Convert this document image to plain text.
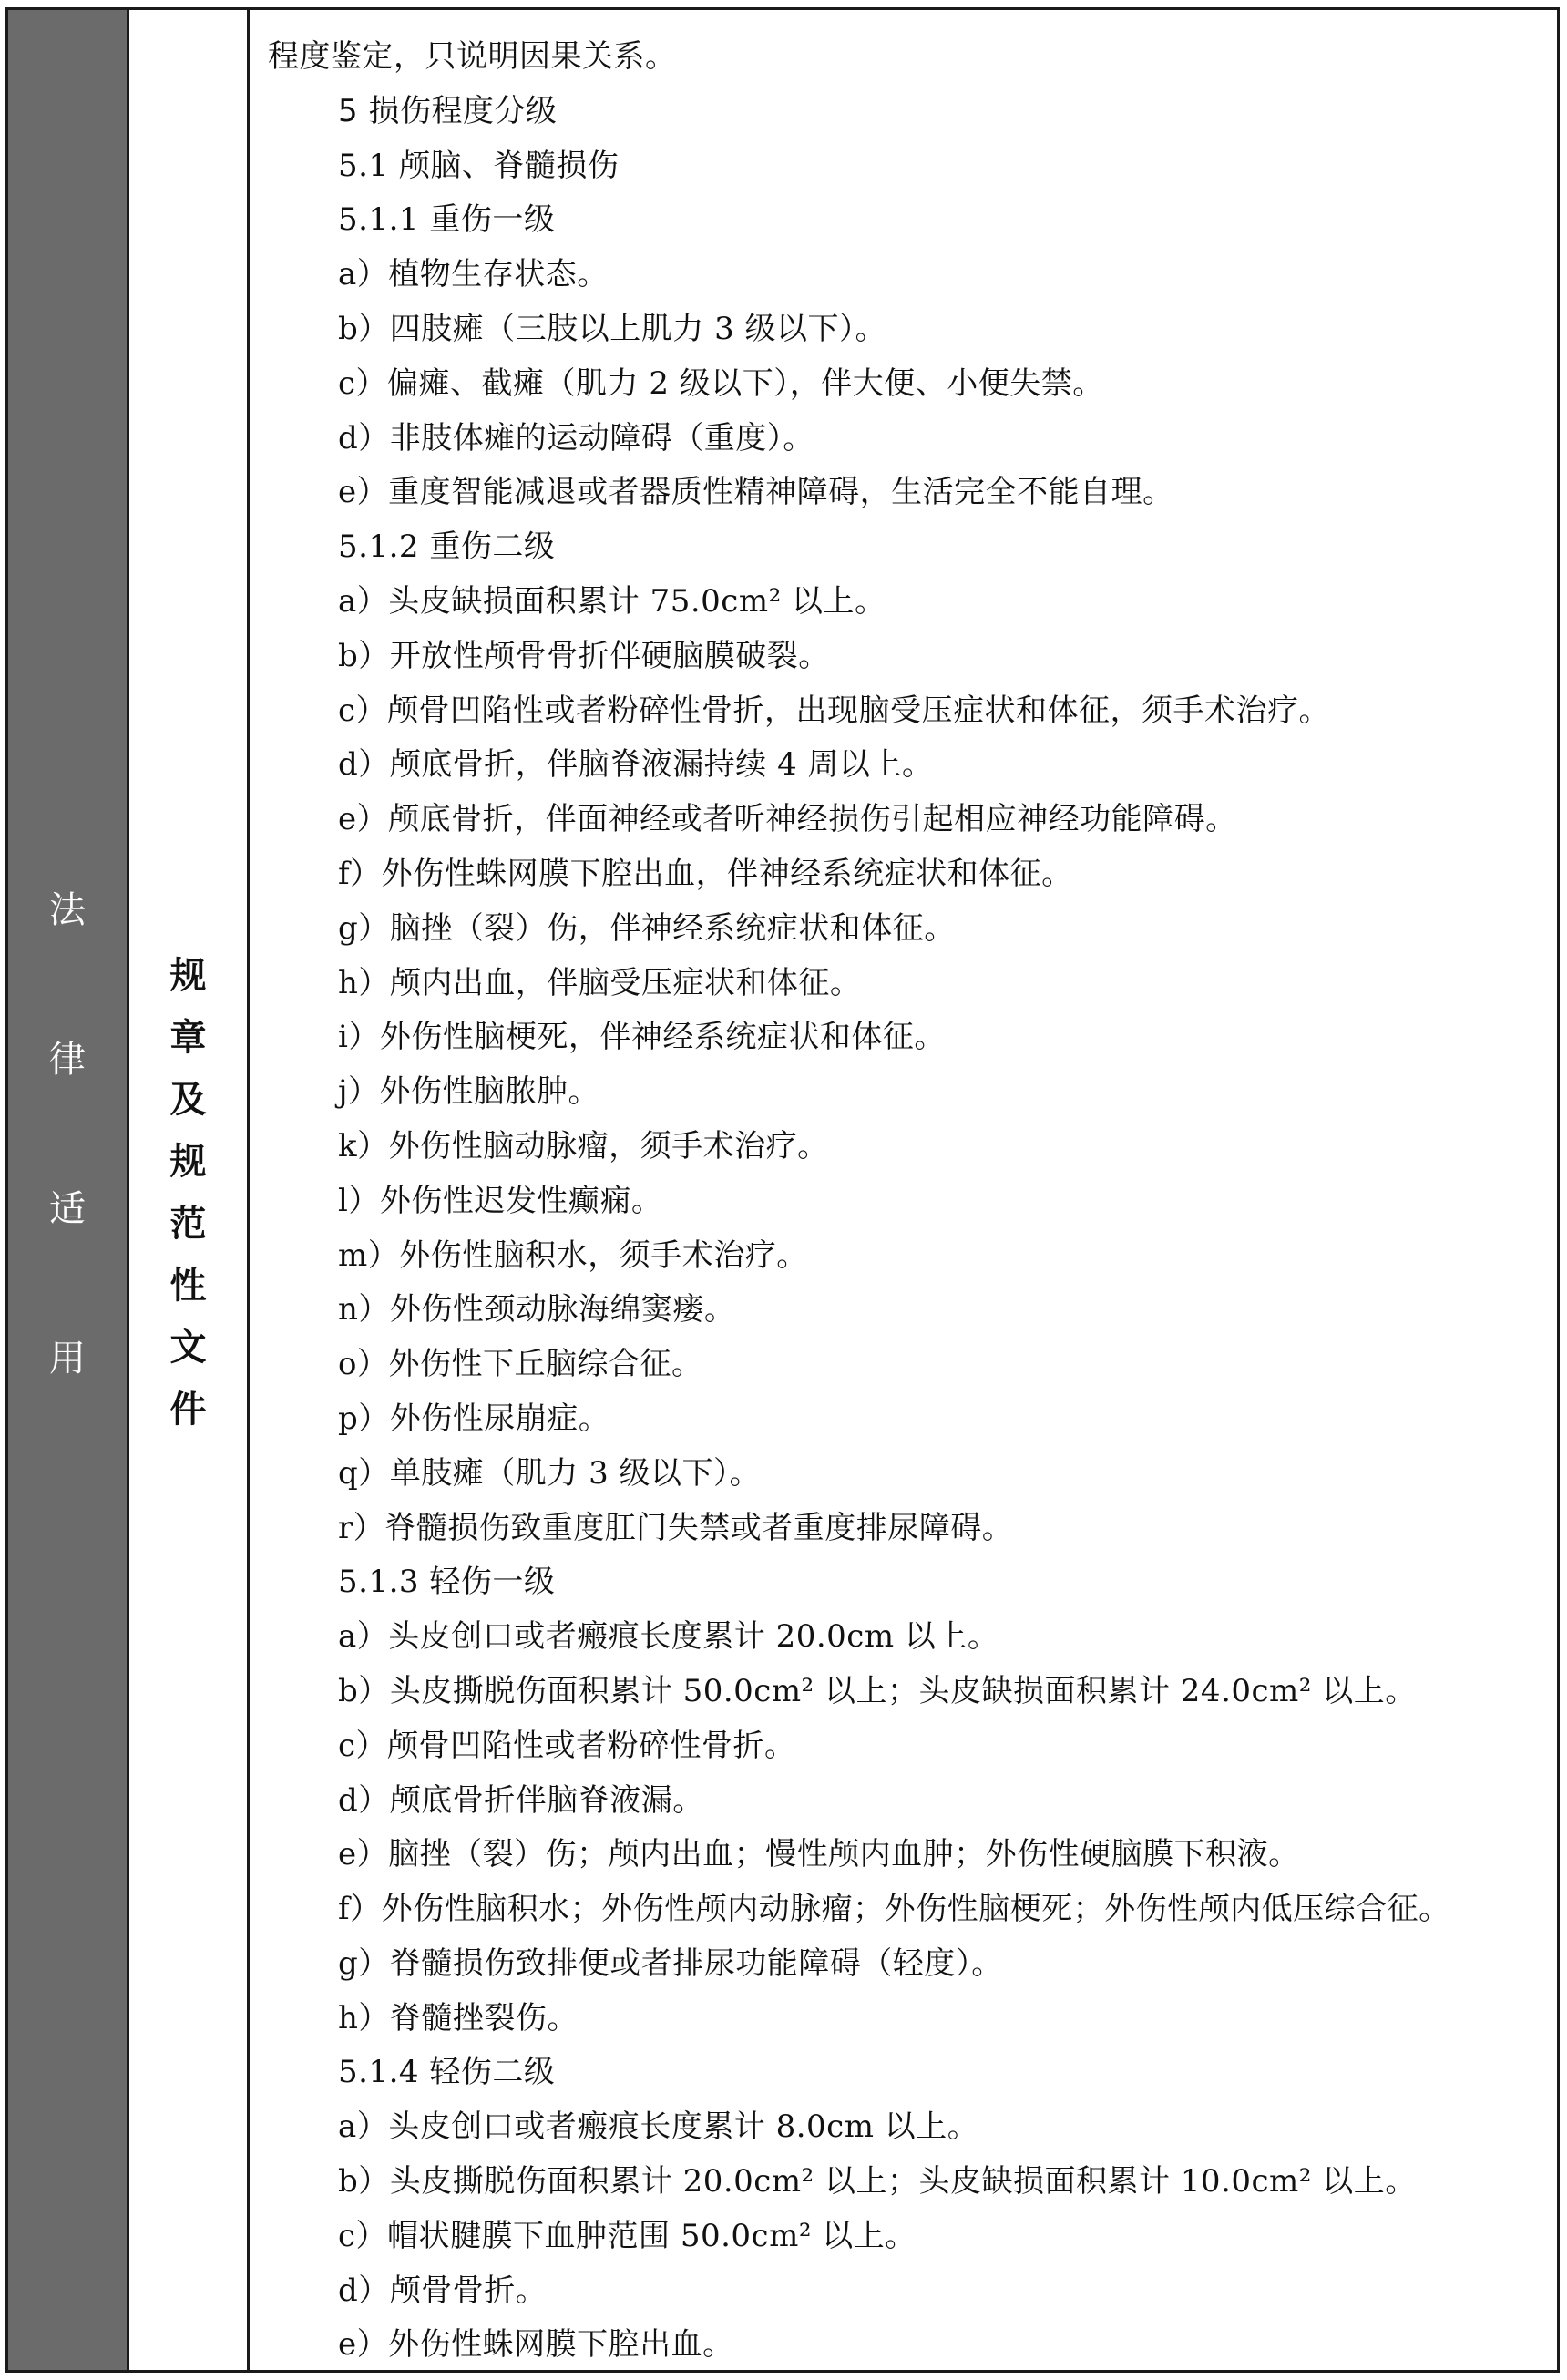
法
律
适
用
规
章
及
规
范
性
文
件
程度鉴定，只说明因果关系。
5 损伤程度分级
5.1 颅脑、脊髓损伤
5.1.1 重伤一级
a）植物生存状态。
b）四肢瘫（三肢以上肌力 3 级以下）。
c）偏瘫、截瘫（肌力 2 级以下），伴大便、小便失禁。
d）非肢体瘫的运动障碍（重度）。
e）重度智能减退或者器质性精神障碍，生活完全不能自理。
5.1.2 重伤二级
a）头皮缺损面积累计 75.0cm² 以上。
b）开放性颅骨骨折伴硬脑膜破裂。
c）颅骨凹陷性或者粉碎性骨折，出现脑受压症状和体征，须手术治疗。
d）颅底骨折，伴脑脊液漏持续 4 周以上。
e）颅底骨折，伴面神经或者听神经损伤引起相应神经功能障碍。
f）外伤性蛛网膜下腔出血，伴神经系统症状和体征。
g）脑挫（裂）伤，伴神经系统症状和体征。
h）颅内出血，伴脑受压症状和体征。
i）外伤性脑梗死，伴神经系统症状和体征。
j）外伤性脑脓肿。
k）外伤性脑动脉瘤，须手术治疗。
l）外伤性迟发性癫痫。
m）外伤性脑积水，须手术治疗。
n）外伤性颈动脉海绵窦瘘。
o）外伤性下丘脑综合征。
p）外伤性尿崩症。
q）单肢瘫（肌力 3 级以下）。
r）脊髓损伤致重度肛门失禁或者重度排尿障碍。
5.1.3 轻伤一级
a）头皮创口或者瘢痕长度累计 20.0cm 以上。
b）头皮撕脱伤面积累计 50.0cm² 以上；头皮缺损面积累计 24.0cm² 以上。
c）颅骨凹陷性或者粉碎性骨折。
d）颅底骨折伴脑脊液漏。
e）脑挫（裂）伤；颅内出血；慢性颅内血肿；外伤性硬脑膜下积液。
f）外伤性脑积水；外伤性颅内动脉瘤；外伤性脑梗死；外伤性颅内低压综合征。
g）脊髓损伤致排便或者排尿功能障碍（轻度）。
h）脊髓挫裂伤。
5.1.4 轻伤二级
a）头皮创口或者瘢痕长度累计 8.0cm 以上。
b）头皮撕脱伤面积累计 20.0cm² 以上；头皮缺损面积累计 10.0cm² 以上。
c）帽状腱膜下血肿范围 50.0cm² 以上。
d）颅骨骨折。
e）外伤性蛛网膜下腔出血。
